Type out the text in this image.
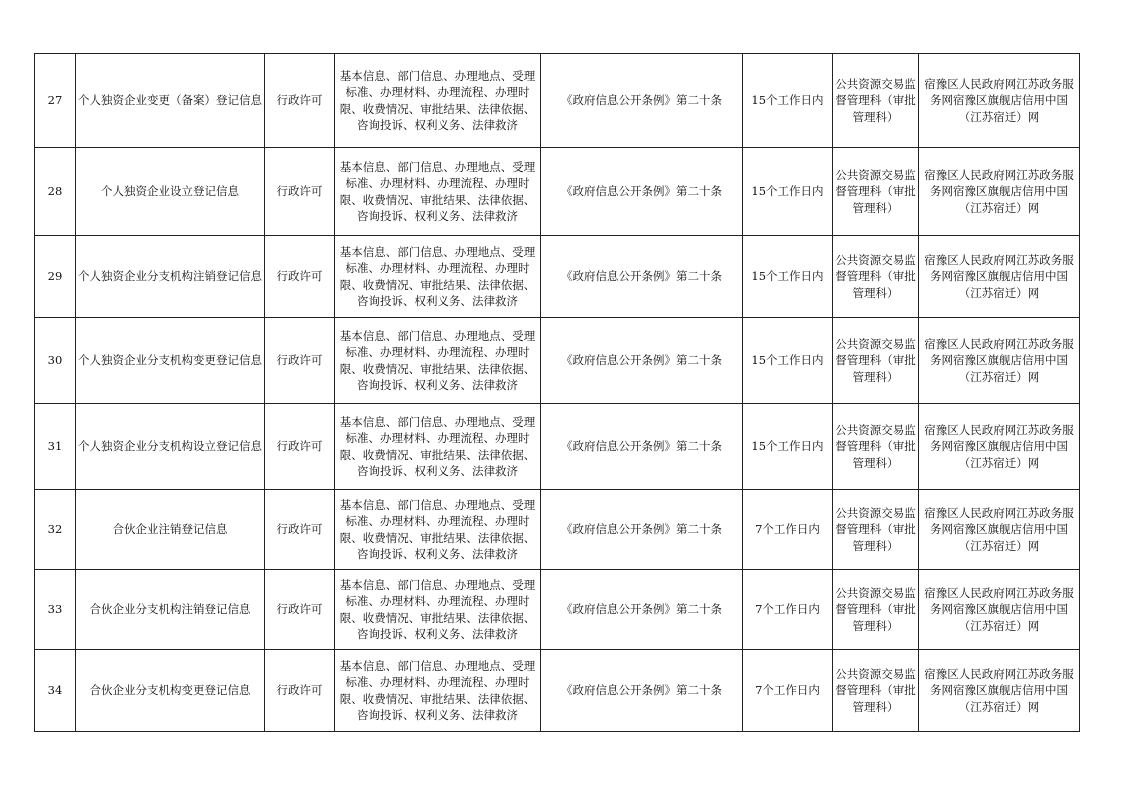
27	个人独资企业变更（备案）登记信息	行政许可	基本信息、部门信息、办理地点、受理标准、办理材料、办理流程、办理时限、收费情况、审批结果、法律依据、咨询投诉、权利义务、法律救济	《政府信息公开条例》第二十条	15个工作日内	公共资源交易监督管理科（审批管理科）	宿豫区人民政府网江苏政务服务网宿豫区旗舰店信用中国（江苏宿迁）网
28	个人独资企业设立登记信息	行政许可	基本信息、部门信息、办理地点、受理标准、办理材料、办理流程、办理时限、收费情况、审批结果、法律依据、咨询投诉、权利义务、法律救济	《政府信息公开条例》第二十条	15个工作日内	公共资源交易监督管理科（审批管理科）	宿豫区人民政府网江苏政务服务网宿豫区旗舰店信用中国（江苏宿迁）网
29	个人独资企业分支机构注销登记信息	行政许可	基本信息、部门信息、办理地点、受理标准、办理材料、办理流程、办理时限、收费情况、审批结果、法律依据、咨询投诉、权利义务、法律救济	《政府信息公开条例》第二十条	15个工作日内	公共资源交易监督管理科（审批管理科）	宿豫区人民政府网江苏政务服务网宿豫区旗舰店信用中国（江苏宿迁）网
30	个人独资企业分支机构变更登记信息	行政许可	基本信息、部门信息、办理地点、受理标准、办理材料、办理流程、办理时限、收费情况、审批结果、法律依据、咨询投诉、权利义务、法律救济	《政府信息公开条例》第二十条	15个工作日内	公共资源交易监督管理科（审批管理科）	宿豫区人民政府网江苏政务服务网宿豫区旗舰店信用中国（江苏宿迁）网
31	个人独资企业分支机构设立登记信息	行政许可	基本信息、部门信息、办理地点、受理标准、办理材料、办理流程、办理时限、收费情况、审批结果、法律依据、咨询投诉、权利义务、法律救济	《政府信息公开条例》第二十条	15个工作日内	公共资源交易监督管理科（审批管理科）	宿豫区人民政府网江苏政务服务网宿豫区旗舰店信用中国（江苏宿迁）网
32	合伙企业注销登记信息	行政许可	基本信息、部门信息、办理地点、受理标准、办理材料、办理流程、办理时限、收费情况、审批结果、法律依据、咨询投诉、权利义务、法律救济	《政府信息公开条例》第二十条	7个工作日内	公共资源交易监督管理科（审批管理科）	宿豫区人民政府网江苏政务服务网宿豫区旗舰店信用中国（江苏宿迁）网
33	合伙企业分支机构注销登记信息	行政许可	基本信息、部门信息、办理地点、受理标准、办理材料、办理流程、办理时限、收费情况、审批结果、法律依据、咨询投诉、权利义务、法律救济	《政府信息公开条例》第二十条	7个工作日内	公共资源交易监督管理科（审批管理科）	宿豫区人民政府网江苏政务服务网宿豫区旗舰店信用中国（江苏宿迁）网
34	合伙企业分支机构变更登记信息	行政许可	基本信息、部门信息、办理地点、受理标准、办理材料、办理流程、办理时限、收费情况、审批结果、法律依据、咨询投诉、权利义务、法律救济	《政府信息公开条例》第二十条	7个工作日内	公共资源交易监督管理科（审批管理科）	宿豫区人民政府网江苏政务服务网宿豫区旗舰店信用中国（江苏宿迁）网
